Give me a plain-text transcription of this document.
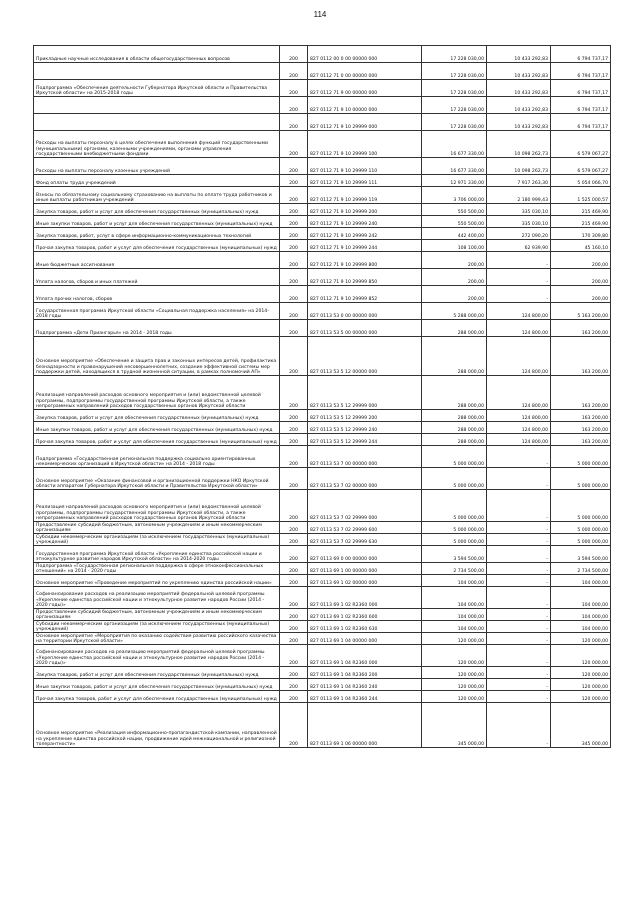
114
Прикладные научные исследования в области общегосударственных вопросов	200	827 0112 00 0 00 00000 000	17 228 030,00	10 433 292,83	6 794 737,17
	200	827 0112 71 0 00 00000 000	17 228 030,00	10 433 292,83	6 794 737,17
Подпрограмма «Обеспечение деятельности Губернатора Иркутской области и Правительства Иркутской области» на 2015-2018 годы	200	827 0112 71 9 00 00000 000	17 228 030,00	10 433 292,83	6 794 737,17
	200	827 0112 71 9 10 00000 000	17 228 030,00	10 433 292,83	6 794 737,17
	200	827 0112 71 9 10 29999 000	17 228 030,00	10 433 292,83	6 794 737,17
Расходы на выплаты персоналу в целях обеспечения выполнения функций государственными (муниципальными) органами, казенными учреждениями, органами управления государственными внебюджетными фондами	200	827 0112 71 9 10 29999 100	16 677 330,00	10 098 262,73	6 579 067,27
Расходы на выплаты персоналу казенных учреждений	200	827 0112 71 9 10 29999 110	16 677 330,00	10 098 262,73	6 579 067,27
Фонд оплаты труда учреждений	200	827 0112 71 9 10 29999 111	12 971 330,00	7 917 263,30	5 054 066,70
Взносы по обязательному социальному страхованию на выплаты по оплате труда работников и иные выплаты работникам учреждений	200	827 0112 71 9 10 29999 119	3 706 000,00	2 180 999,43	1 525 000,57
Закупка товаров, работ и услуг для обеспечения государственных (муниципальных) нужд	200	827 0112 71 9 10 29999 200	550 500,00	335 030,10	215 469,90
Иные закупки товаров, работ и услуг для обеспечения государственных (муниципальных) нужд	200	827 0112 71 9 10 29999 240	550 500,00	335 030,10	215 469,90
Закупка товаров, работ, услуг в сфере информационно-коммуникационных технологий	200	827 0112 71 9 10 29999 242	442 400,00	272 090,20	170 309,80
Прочая закупка товаров, работ и услуг для обеспечения государственных (муниципальных) нужд	200	827 0112 71 9 10 29999 244	108 100,00	62 939,90	45 160,10
Иные бюджетные ассигнования	200	827 0112 71 9 10 29999 800	200,00	-	200,00
Уплата налогов, сборов и иных платежей	200	827 0112 71 9 10 29999 850	200,00	-	200,00
Уплата прочих налогов, сборов	200	827 0112 71 9 10 29999 852	200,00	-	200,00
Государственная программа Иркутской области «Социальная поддержка населения» на 2014-2018 годы	200	827 0113 53 0 00 00000 000	5 288 000,00	124 800,00	5 163 200,00
Подпрограмма «Дети Приангарья» на 2014 - 2018 годы	200	827 0113 53 5 00 00000 000	288 000,00	124 800,00	163 200,00
Основное мероприятие «Обеспечение и защита прав и законных интересов детей, профилактика безнадзорности и правонарушений несовершеннолетних, создание эффективной системы мер поддержки детей, находящихся в трудной жизненной ситуации, в рамках полномочий АП»	200	827 0113 53 5 12 00000 000	288 000,00	124 800,00	163 200,00
Реализация направлений расходов основного мероприятия и (или) ведомственной целевой программы, подпрограммы государственной программы Иркутской области, а также непрограммных направлений расходов государственных органов Иркутской области	200	827 0113 53 5 12 29999 000	288 000,00	124 800,00	163 200,00
Закупка товаров, работ и услуг для обеспечения государственных (муниципальных) нужд	200	827 0113 53 5 12 29999 200	288 000,00	124 800,00	163 200,00
Иные закупки товаров, работ и услуг для обеспечения государственных (муниципальных) нужд	200	827 0113 53 5 12 29999 240	288 000,00	124 800,00	163 200,00
Прочая закупка товаров, работ и услуг для обеспечения государственных (муниципальных) нужд	200	827 0113 53 5 12 29999 244	288 000,00	124 800,00	163 200,00
Подпрограмма «Государственная региональная поддержка социально ориентированных некоммерческих организаций в Иркутской области» на 2014 - 2018 годы	200	827 0113 53 7 00 00000 000	5 000 000,00	-	5 000 000,00
Основное мероприятие «Оказание финансовой и организационной поддержки НКО Иркутской области аппаратом Губернатора Иркутской области и Правительства Иркутской области»	200	827 0113 53 7 02 00000 000	5 000 000,00	-	5 000 000,00
Реализация направлений расходов основного мероприятия и (или) ведомственной целевой программы, подпрограммы государственной программы Иркутской области, а также непрограммных направлений расходов государственных органов Иркутской области	200	827 0113 53 7 02 29999 000	5 000 000,00	-	5 000 000,00
Предоставление субсидий бюджетным, автономным учреждениям и иным некоммерческим организациям	200	827 0113 53 7 02 29999 600	5 000 000,00	-	5 000 000,00
Субсидии некоммерческим организациям (за исключением государственных (муниципальных) учреждений)	200	827 0113 53 7 02 29999 630	5 000 000,00	-	5 000 000,00
Государственная программа Иркутской области «Укрепление единства российской нации и этнокультурное развитие народов Иркутской области» на 2014-2020 годы	200	827 0113 69 0 00 00000 000	3 594 500,00	-	3 594 500,00
Подпрограмма «Государственная региональная поддержка в сфере этноконфессиональных отношений» на 2014 - 2020 годы	200	827 0113 69 1 00 00000 000	2 734 500,00	-	2 734 500,00
Основное мероприятие «Проведение мероприятий по укреплению единства российской нации»	200	827 0113 69 1 02 00000 000	104 000,00	-	104 000,00
Софинансирование расходов на реализацию мероприятий федеральной целевой программы «Укрепление единства российской нации и этнокультурное развитие народов России (2014 - 2020 годы)»	200	827 0113 69 1 02 R2360 000	104 000,00	-	104 000,00
Предоставление субсидий бюджетным, автономным учреждениям и иным некоммерческим организациям	200	827 0113 69 1 02 R2360 600	104 000,00	-	104 000,00
Субсидии некоммерческим организациям (за исключением государственных (муниципальных) учреждений)	200	827 0113 69 1 02 R2360 630	104 000,00	-	104 000,00
Основное мероприятие «Мероприятия по оказанию содействия развитию российского казачества на территории Иркутской области»	200	827 0113 69 1 04 00000 000	120 000,00	-	120 000,00
Софинансирование расходов на реализацию мероприятий федеральной целевой программы «Укрепление единства российской нации и этнокультурное развитие народов России (2014 - 2020 годы)»	200	827 0113 69 1 04 R2360 000	120 000,00	-	120 000,00
Закупка товаров, работ и услуг для обеспечения государственных (муниципальных) нужд	200	827 0113 69 1 04 R2360 200	120 000,00	-	120 000,00
Иные закупки товаров, работ и услуг для обеспечения государственных (муниципальных) нужд	200	827 0113 69 1 04 R2360 240	120 000,00	-	120 000,00
Прочая закупка товаров, работ и услуг для обеспечения государственных (муниципальных) нужд	200	827 0113 69 1 04 R2360 244	120 000,00	-	120 000,00
Основное мероприятие «Реализация информационно-пропагандистской кампании, направленной на укрепление единства российской нации, продвижение идей межнациональной и религиозной толерантности»	200	827 0113 69 1 06 00000 000	345 000,00	-	345 000,00
